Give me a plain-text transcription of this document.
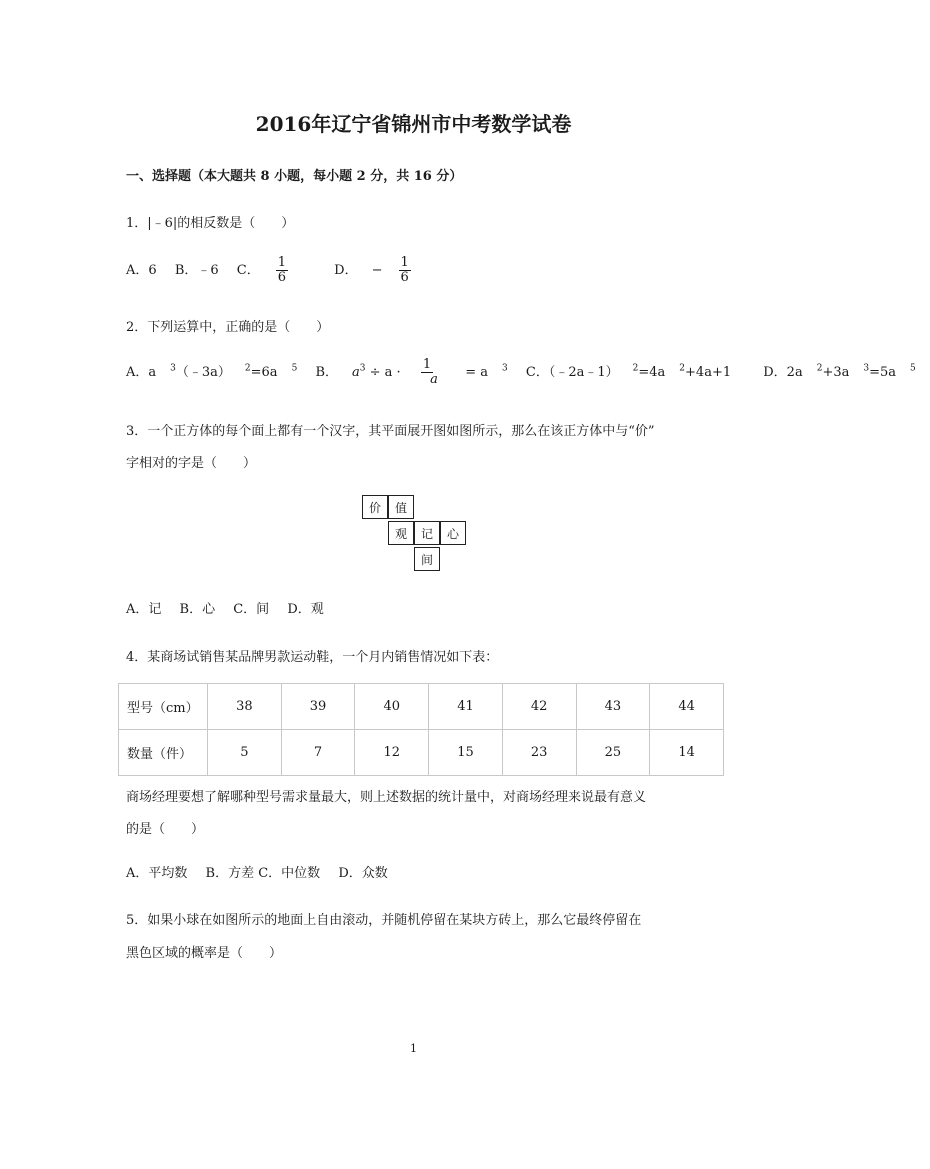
2016年辽宁省锦州市中考数学试卷
一、选择题（本大题共 8 小题，每小题 2 分，共 16 分）
1．|﹣6|的相反数是（　　）
A．6 B．﹣6 C． $\frac{1}{6}$ D． − $\frac{1}{6}$
2．下列运算中，正确的是（　　）
A．a $^3$（﹣3a） $^2$=6a $^5$ B． $a^3 \div a$ ·
1
a = a $^3$ C．（﹣2a﹣1） $^2$=4a $^2$+4a+1 D．2a $^2$+3a $^3$=5a $^5$
3．一个正方体的每个面上都有一个汉字，其平面展开图如图所示，那么在该正方体中与“价”
字相对的字是（　　）
价	值
观	记	心
间
A．记 B．心 C．间 D．观
4．某商场试销售某品牌男款运动鞋，一个月内销售情况如下表：
型号（cm）	38	39	40	41	42	43	44
数量（件）	5	7	12	15	23	25	14
商场经理要想了解哪种型号需求量最大，则上述数据的统计量中，对商场经理来说最有意义
的是（　　）
A．平均数 B．方差 C．中位数 D．众数
5．如果小球在如图所示的地面上自由滚动，并随机停留在某块方砖上，那么它最终停留在
黑色区域的概率是（　　）
1
